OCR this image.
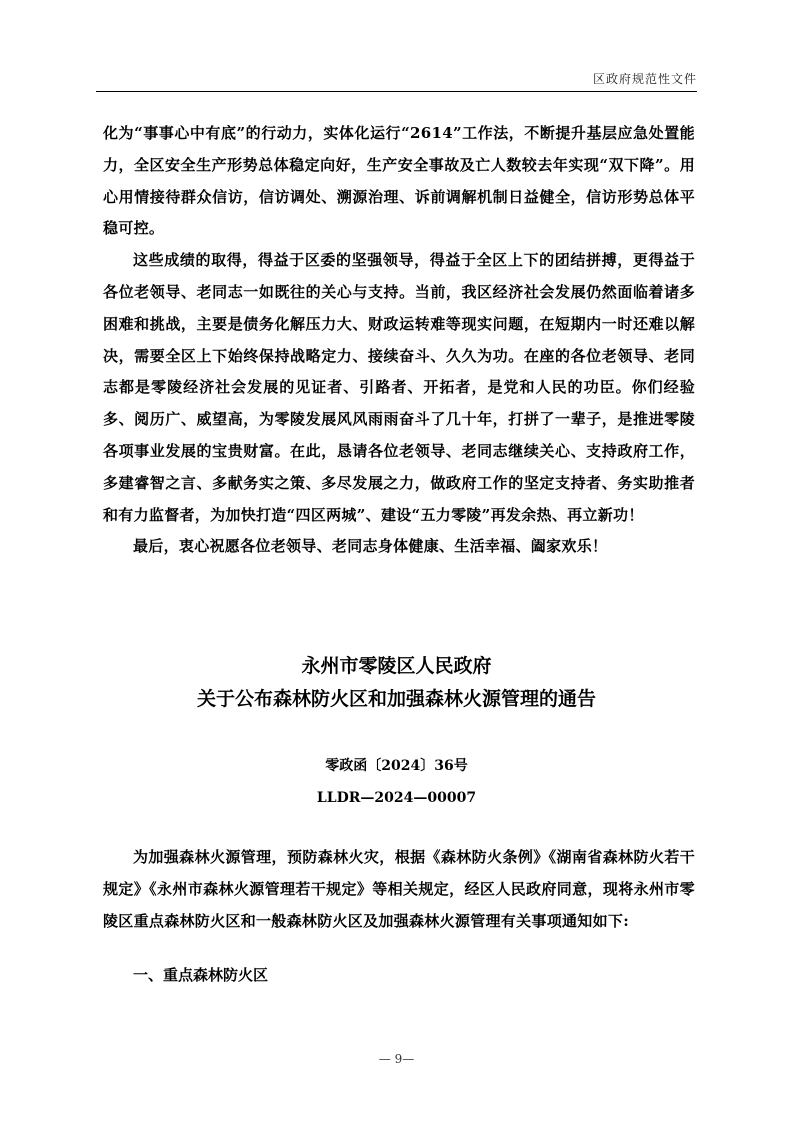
区政府规范性文件

化为“事事心中有底”的行动力，实体化运行“2614”工作法，不断提升基层应急处置能力，全区安全生产形势总体稳定向好，生产安全事故及亡人数较去年实现“双下降”。用心用情接待群众信访，信访调处、溯源治理、诉前调解机制日益健全，信访形势总体平稳可控。

这些成绩的取得，得益于区委的坚强领导，得益于全区上下的团结拼搏，更得益于各位老领导、老同志一如既往的关心与支持。当前，我区经济社会发展仍然面临着诸多困难和挑战，主要是债务化解压力大、财政运转难等现实问题，在短期内一时还难以解决，需要全区上下始终保持战略定力、接续奋斗、久久为功。在座的各位老领导、老同志都是零陵经济社会发展的见证者、引路者、开拓者，是党和人民的功臣。你们经验多、阅历广、威望高，为零陵发展风风雨雨奋斗了几十年，打拼了一辈子，是推进零陵各项事业发展的宝贵财富。在此，恳请各位老领导、老同志继续关心、支持政府工作，多建睿智之言、多献务实之策、多尽发展之力，做政府工作的坚定支持者、务实助推者和有力监督者，为加快打造“四区两城”、建设“五力零陵”再发余热、再立新功！

最后，衷心祝愿各位老领导、老同志身体健康、生活幸福、阖家欢乐！

永州市零陵区人民政府
关于公布森林防火区和加强森林火源管理的通告
零政函〔2024〕36号
LLDR—2024—00007

为加强森林火源管理，预防森林火灾，根据《森林防火条例》《湖南省森林防火若干规定》《永州市森林火源管理若干规定》等相关规定，经区人民政府同意，现将永州市零陵区重点森林防火区和一般森林防火区及加强森林火源管理有关事项通知如下:

一、重点森林防火区
— 9—
